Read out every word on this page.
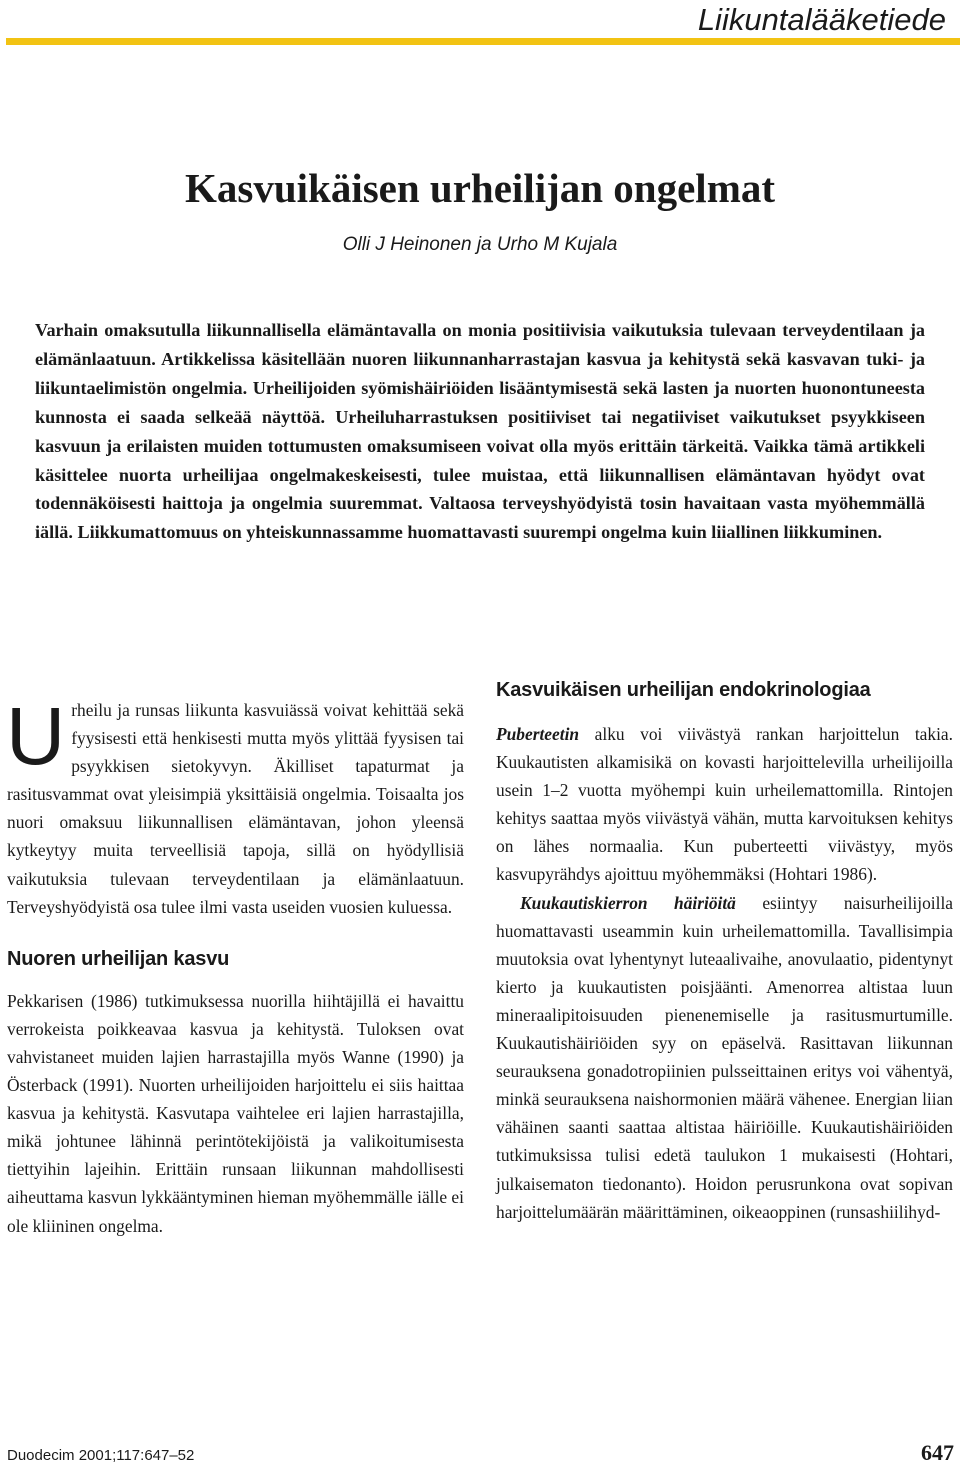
Liikuntalääketiede
Kasvuikäisen urheilijan ongelmat
Olli J Heinonen ja Urho M Kujala

Varhain omaksutulla liikunnallisella elämäntavalla on monia positiivisia vaikutuksia tulevaan terveydentilaan ja elämänlaatuun. Artikkelissa käsitellään nuoren liikunnanharrastajan kasvua ja kehitystä sekä kasvavan tuki- ja liikuntaelimistön ongelmia. Urheilijoiden syömishäiriöiden lisääntymisestä sekä lasten ja nuorten huonontuneesta kunnosta ei saada selkeää näyttöä. Urheiluharrastuksen positiiviset tai negatiiviset vaikutukset psyykkiseen kasvuun ja erilaisten muiden tottumusten omaksumiseen voivat olla myös erittäin tärkeitä. Vaikka tämä artikkeli käsittelee nuorta urheilijaa ongelmakeskeisesti, tulee muistaa, että liikunnallisen elämäntavan hyödyt ovat todennäköisesti haittoja ja ongelmia suuremmat. Valtaosa terveyshyödyistä tosin havaitaan vasta myöhemmällä iällä. Liikkumattomuus on yhteiskunnassamme huomattavasti suurempi ongelma kuin liiallinen liikkuminen.

Urheilu ja runsas liikunta kasvuiässä voivat kehittää sekä fyysisesti että henkisesti mutta myös ylittää fyysisen tai psyykkisen sietokyvyn. Äkilliset tapaturmat ja rasitusvammat ovat yleisimpiä yksittäisiä ongelmia. Toisaalta jos nuori omaksuu liikunnallisen elämäntavan, johon yleensä kytkeytyy muita terveellisiä tapoja, sillä on hyödyllisiä vaikutuksia tulevaan terveydentilaan ja elämänlaatuun. Terveyshyödyistä osa tulee ilmi vasta useiden vuosien kuluessa.

Nuoren urheilijan kasvu

Pekkarisen (1986) tutkimuksessa nuorilla hiihtäjillä ei havaittu verrokeista poikkeavaa kasvua ja kehitystä. Tuloksen ovat vahvistaneet muiden lajien harrastajilla myös Wanne (1990) ja Österback (1991). Nuorten urheilijoiden harjoittelu ei siis haittaa kasvua ja kehitystä. Kasvutapa vaihtelee eri lajien harrastajilla, mikä johtunee lähinnä perintötekijöistä ja valikoitumisesta tiettyihin lajeihin. Erittäin runsaan liikunnan mahdollisesti aiheuttama kasvun lykkääntyminen hieman myöhemmälle iälle ei ole kliininen ongelma.

Kasvuikäisen urheilijan endokrinologiaa

Puberteetin alku voi viivästyä rankan harjoittelun takia. Kuukautisten alkamisikä on kovasti harjoittelevilla urheilijoilla usein 1–2 vuotta myöhempi kuin urheilemattomilla. Rintojen kehitys saattaa myös viivästyä vähän, mutta karvoituksen kehitys on lähes normaalia. Kun puberteetti viivästyy, myös kasvupyrähdys ajoittuu myöhemmäksi (Hohtari 1986).

Kuukautiskierron häiriöitä esiintyy naisurheilijoilla huomattavasti useammin kuin urheilemattomilla. Tavallisimpia muutoksia ovat lyhentynyt luteaalivaihe, anovulaatio, pidentynyt kierto ja kuukautisten poisjäänti. Amenorrea altistaa luun mineraalipitoisuuden pienenemiselle ja rasitusmurtumille. Kuukautishäiriöiden syy on epäselvä. Rasittavan liikunnan seurauksena gonadotropiinien pulsseittainen eritys voi vähentyä, minkä seurauksena naishormonien määrä vähenee. Energian liian vähäinen saanti saattaa altistaa häiriöille. Kuukautishäiriöiden tutkimuksissa tulisi edetä taulukon 1 mukaisesti (Hohtari, julkaisematon tiedonanto). Hoidon perusrunkona ovat sopivan harjoittelumäärän määrittäminen, oikeaoppinen (runsashiilihyd-

Duodecim 2001;117:647–52	647
